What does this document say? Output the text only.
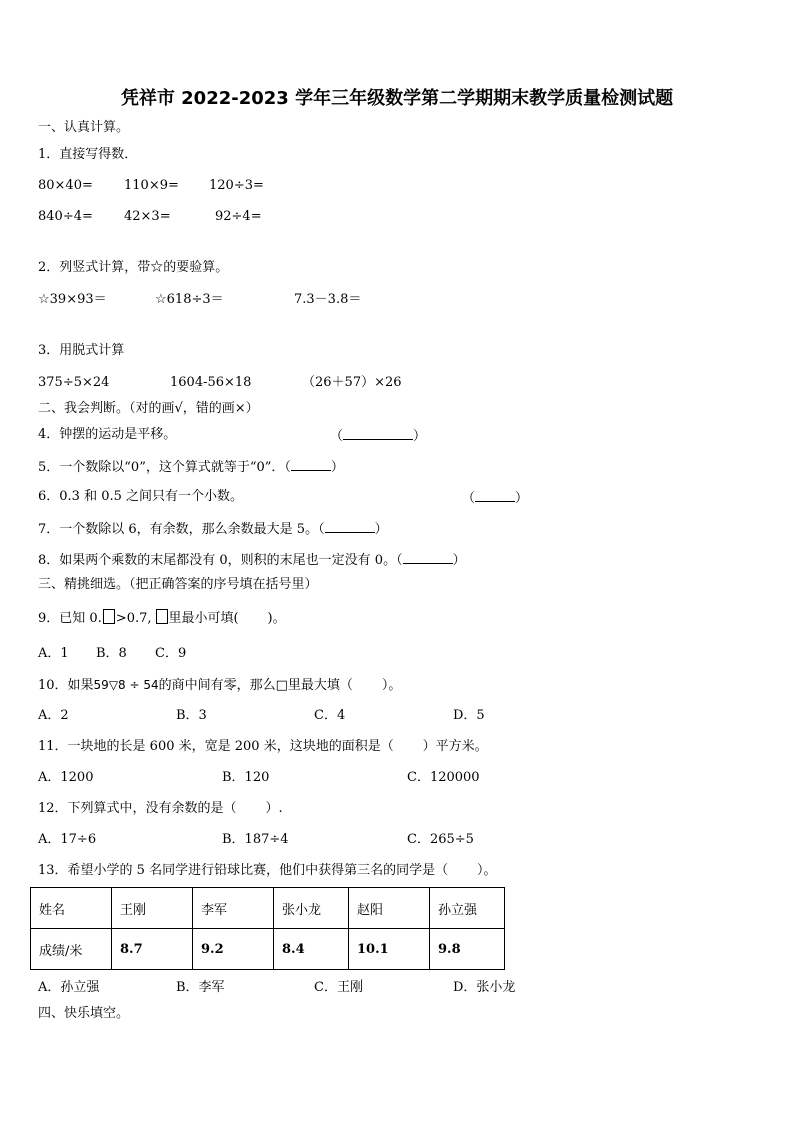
凭祥市 2022-2023 学年三年级数学第二学期期末教学质量检测试题
一、认真计算。
1．直接写得数．
80×40= 110×9= 120÷3=
840÷4= 42×3=	92÷4=
2．列竖式计算，带☆的要验算。
☆39×93＝	☆618÷3＝	7.3－3.8＝
3．用脱式计算
375÷5×24	1604-56×18	（26＋57）×26
二、我会判断。（对的画√，错的画×）
4．钟摆的运动是平移。	（	）
5．一个数除以“0”，这个算式就等于“0”．（	）
6．0.3 和 0.5 之间只有一个小数。	（	）
7．一个数除以 6，有余数，那么余数最大是 5。（	）
8．如果两个乘数的末尾都没有 0，则积的末尾也一定没有 0。（	）
三、精挑细选。（把正确答案的序号填在括号里）
9．已知 0. >0.7, 里最小可填(       )。
A．1 B．8 C．9
10．如果59▽8 ÷ 54的商中间有零，那么□里最大填（       ）。
A．2	B．3	C．4	D．5
11．一块地的长是 600 米，宽是 200 米，这块地的面积是（       ）平方米。
A．1200	B．120	C．120000
12．下列算式中，没有余数的是（       ）.
A．17÷6	B．187÷4	C．265÷5
13．希望小学的 5 名同学进行铅球比赛，他们中获得第三名的同学是（       ）。
姓名	王刚	李军	张小龙	赵阳	孙立强
成绩/米	8.7	9.2	8.4	10.1	9.8
A．孙立强	B．李军	C．王刚	D．张小龙
四、快乐填空。
